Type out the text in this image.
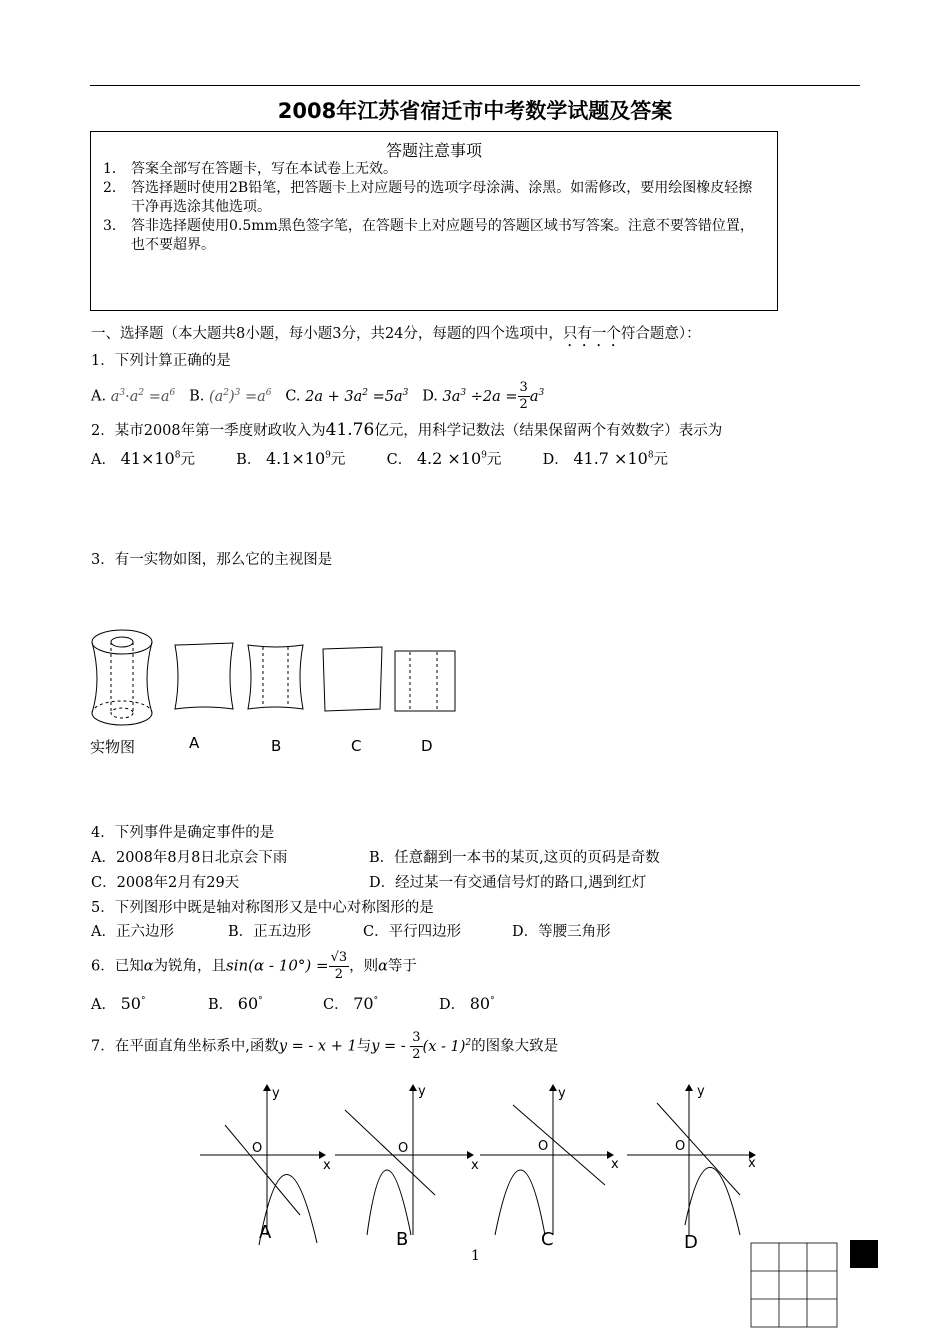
2008年江苏省宿迁市中考数学试题及答案
答题注意事项
1． 答案全部写在答题卡，写在本试卷上无效。
2． 答选择题时使用2B铅笔，把答题卡上对应题号的选项字母涂满、涂黑。如需修改，要用绘图橡皮轻擦干净再选涂其他选项。
3． 答非选择题使用0.5mm黑色签字笔，在答题卡上对应题号的答题区域书写答案。注意不要答错位置，也不要超界。
一、选择题（本大题共8小题，每小题3分，共24分，每题的四个选项中，只有一个符合题意）：
1．下列计算正确的是
A. $a^3\cdot a^2 =a^6$ B. $(a^2)^3 =a^6$ C. $2a + 3a^2 =5a^3$ D. $3a^3 \div 2a = \frac{3}{2} a^3$
2．某市2008年第一季度财政收入为41.76亿元，用科学记数法（结果保留两个有效数字）表示为
A． $41\times 10^8$元	B． $4.1\times 10^9$元	C． $4.2 \times 10^9$元	D． $41.7 \times 10^8$元
3．有一实物如图，那么它的主视图是
实物图	A	B	C	D
4．下列事件是确定事件的是
A．2008年8月8日北京会下雨	B．任意翻到一本书的某页,这页的页码是奇数
C．2008年2月有29天	D．经过某一有交通信号灯的路口,遇到红灯
5．下列图形中既是轴对称图形又是中心对称图形的是
A．正六边形	B．正五边形	C．平行四边形	D．等腰三角形
6．已知α为锐角，且$\sin(\alpha - 10^\circ) = \frac{√3}{2}$ ，则α等于
A． 50°	B． 60°	C． 70°	D． 80°
7．在平面直角坐标系中,函数y = - x + 1与y = - $\frac{3}{2} (x - 1)^2$的图象大致是
y
O
x
y
O
x
y
O
x
y
O
x
A	B	C	D
1
